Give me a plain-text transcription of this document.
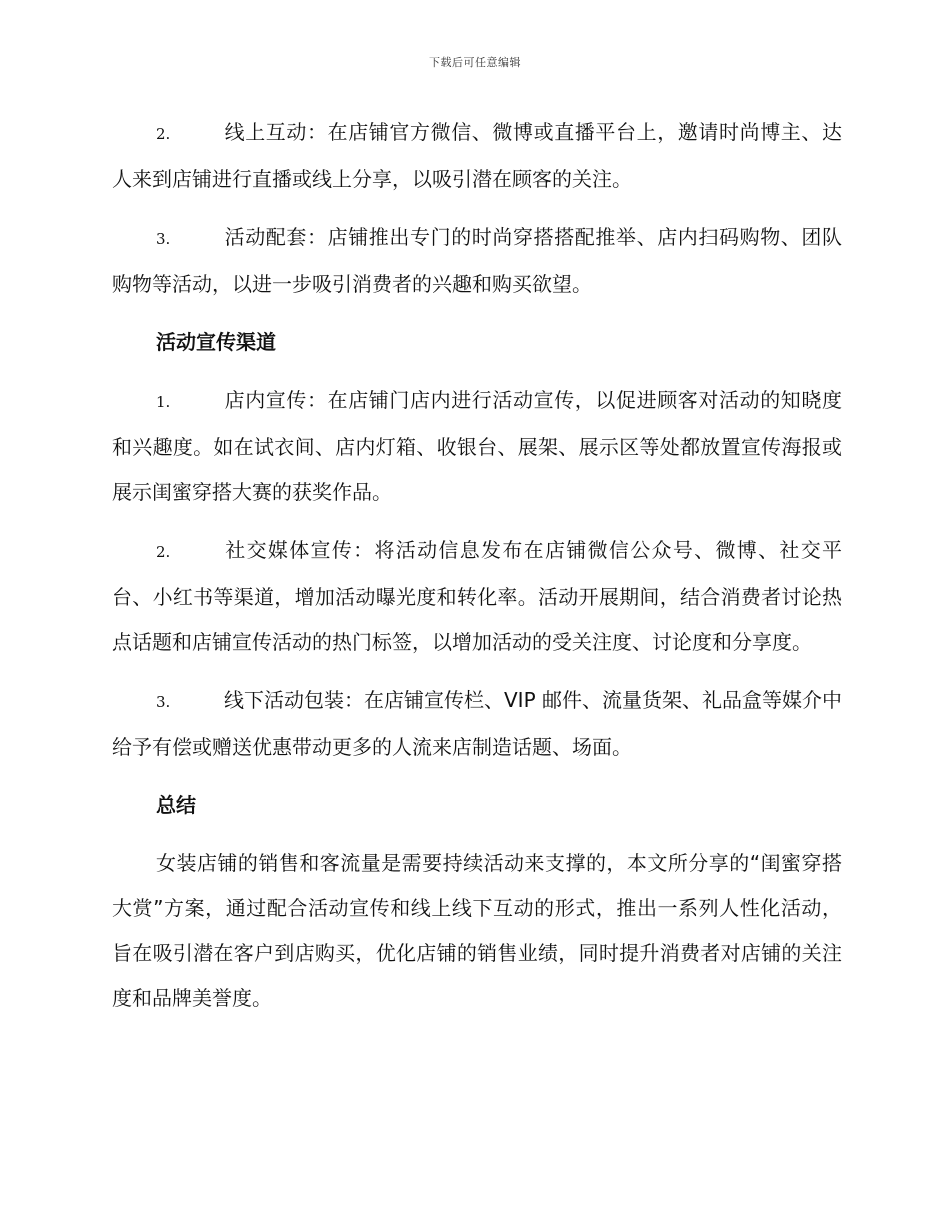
下载后可任意编辑

2.	线上互动：在店铺官方微信、微博或直播平台上，邀请时尚博主、达人来到店铺进行直播或线上分享，以吸引潜在顾客的关注。

3.	活动配套：店铺推出专门的时尚穿搭搭配推举、店内扫码购物、团队购物等活动，以进一步吸引消费者的兴趣和购买欲望。

活动宣传渠道

1.	店内宣传：在店铺门店内进行活动宣传，以促进顾客对活动的知晓度和兴趣度。如在试衣间、店内灯箱、收银台、展架、展示区等处都放置宣传海报或展示闺蜜穿搭大赛的获奖作品。

2.	社交媒体宣传：将活动信息发布在店铺微信公众号、微博、社交平台、小红书等渠道，增加活动曝光度和转化率。活动开展期间，结合消费者讨论热点话题和店铺宣传活动的热门标签，以增加活动的受关注度、讨论度和分享度。

3.	线下活动包装：在店铺宣传栏、VIP 邮件、流量货架、礼品盒等媒介中给予有偿或赠送优惠带动更多的人流来店制造话题、场面。

总结

女装店铺的销售和客流量是需要持续活动来支撑的，本文所分享的“闺蜜穿搭大赏”方案，通过配合活动宣传和线上线下互动的形式，推出一系列人性化活动，旨在吸引潜在客户到店购买，优化店铺的销售业绩，同时提升消费者对店铺的关注度和品牌美誉度。
